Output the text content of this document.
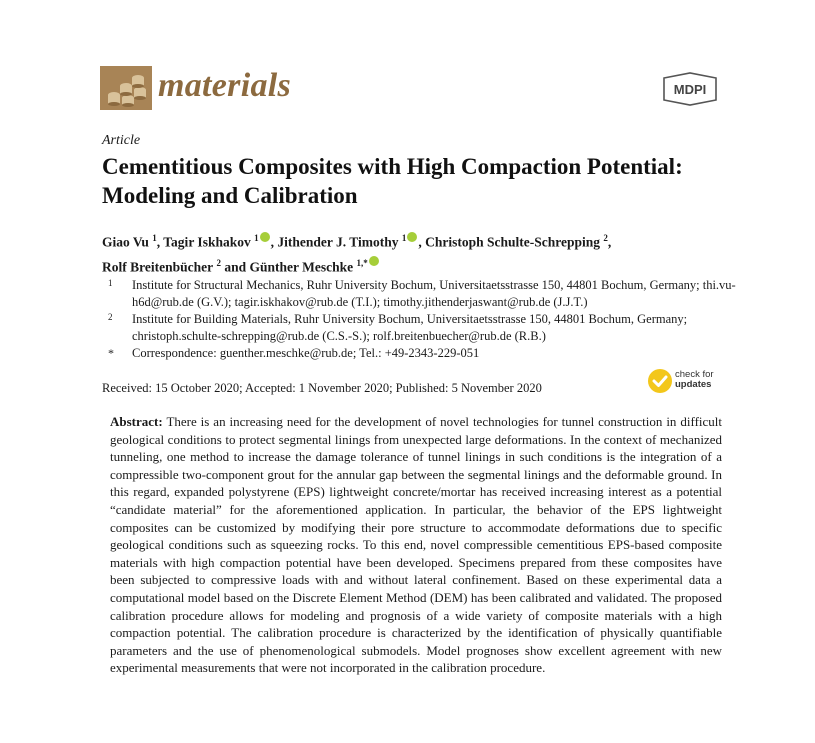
materials	MDPI
Article
Cementitious Composites with High Compaction Potential: Modeling and Calibration
Giao Vu $^1$, Tagir Iskhakov $^1$ , Jithender J. Timothy $^1$ , Christoph Schulte-Schrepping $^2$,
Rolf Breitenbücher $^2$ and Günther Meschke $^{1,*}$
1 Institute for Structural Mechanics, Ruhr University Bochum, Universitaetsstrasse 150, 44801 Bochum, Germany; thi.vu-h6d@rub.de (G.V.); tagir.iskhakov@rub.de (T.I.); timothy.jithenderjaswant@rub.de (J.J.T.)
2 Institute for Building Materials, Ruhr University Bochum, Universitaetsstrasse 150, 44801 Bochum, Germany; christoph.schulte-schrepping@rub.de (C.S.-S.); rolf.breitenbuecher@rub.de (R.B.)
* Correspondence: guenther.meschke@rub.de; Tel.: +49-2343-229-051
Received: 15 October 2020; Accepted: 1 November 2020; Published: 5 November 2020
check for
updates
Abstract: There is an increasing need for the development of novel technologies for tunnel construction in difficult geological conditions to protect segmental linings from unexpected large deformations. In the context of mechanized tunneling, one method to increase the damage tolerance of tunnel linings in such conditions is the integration of a compressible two-component grout for the annular gap between the segmental linings and the deformable ground. In this regard, expanded polystyrene (EPS) lightweight concrete/mortar has received increasing interest as a potential “candidate material” for the aforementioned application. In particular, the behavior of the EPS lightweight composites can be customized by modifying their pore structure to accommodate deformations due to specific geological conditions such as squeezing rocks. To this end, novel compressible cementitious EPS-based composite materials with high compaction potential have been developed. Specimens prepared from these composites have been subjected to compressive loads with and without lateral confinement. Based on these experimental data a computational model based on the Discrete Element Method (DEM) has been calibrated and validated. The proposed calibration procedure allows for modeling and prognosis of a wide variety of composite materials with a high compaction potential. The calibration procedure is characterized by the identification of physically quantifiable parameters and the use of phenomenological submodels. Model prognoses show excellent agreement with new experimental measurements that were not incorporated in the calibration procedure.
